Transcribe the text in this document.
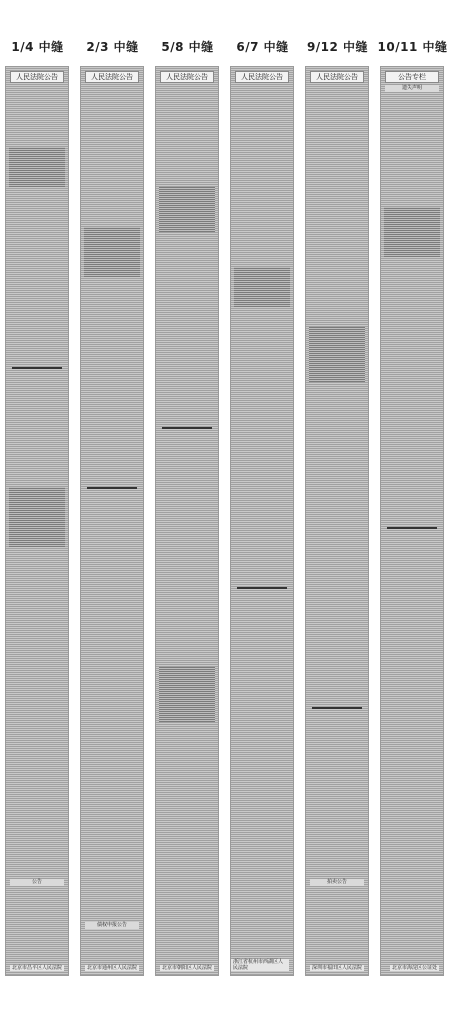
1/4 中缝	2/3 中缝	5/8 中缝	6/7 中缝	9/12 中缝 10/11 中缝
人民法院公告
公告
北京市昌平区人民法院
人民法院公告
债权申报公告
北京市通州区人民法院
人民法院公告
北京市朝阳区人民法院
人民法院公告
浙江省杭州市西湖区人民法院
人民法院公告
拍卖公告
深圳市福田区人民法院
公告专栏
遗失声明
北京市海淀区公证处
